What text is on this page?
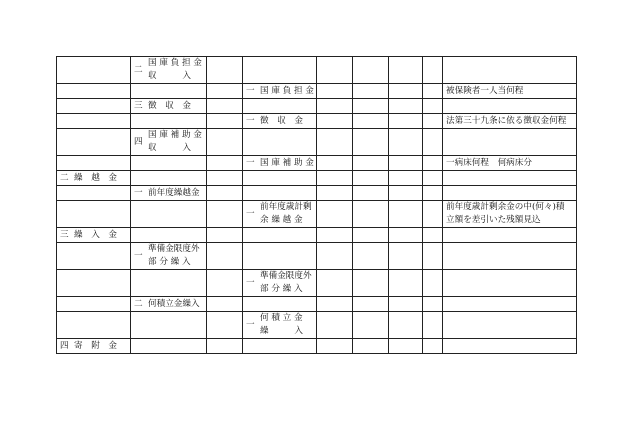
	二
国 庫 負 担 金
収　　　入							

			一 国 庫 負 担 金					被保険者一人当何程

	三 徴　収　金							

			一 徴　収　金					法第三十九条に依る徴収金何程

	四
国 庫 補 助 金
収　　　入							

			一 国 庫 補 助 金					一病床何程　何病床分

二 繰　越　金								

	一 前年度繰越金							

			一
前年度歳計剰
余 繰 越 金					前年度歳計剰余金の中(何々)積
立額を差引いた残額見込

三 繰　入　金								

	一
準備金限度外
部 分 繰 入							

			一
準備金限度外
部 分 繰 入					

	二 何積立金繰入							

			一
何 積 立 金
繰　　　入					

四 寄　附　金								
